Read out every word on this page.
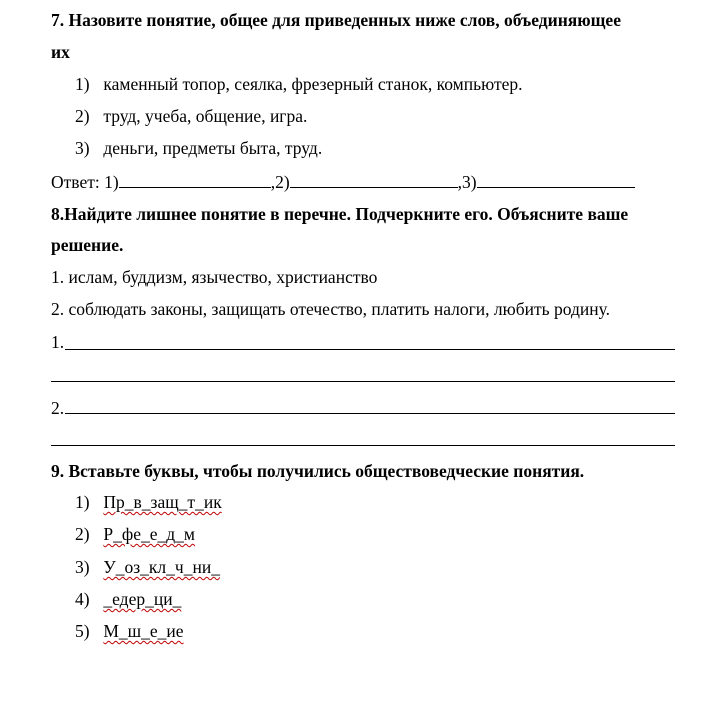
7. Назовите понятие, общее для приведенных ниже слов, объединяющее
их
1) каменный топор, сеялка, фрезерный станок, компьютер.
2) труд, учеба, общение, игра.
3) деньги, предметы быта, труд.
Ответ: 1)	,2)	,3)
8.Найдите лишнее понятие в перечне. Подчеркните его. Объясните ваше
решение.
1. ислам, буддизм, язычество, христианство
2. соблюдать законы, защищать отечество, платить налоги, любить родину.
1.
2.
9. Вставьте буквы, чтобы получились обществоведческие понятия.
1) Пр_в_защ_т_ик
2) Р_фе_е_д_м
3) У_оз_кл_ч_ни_
4) _едер_ци_
5) М_ш_е_ие
